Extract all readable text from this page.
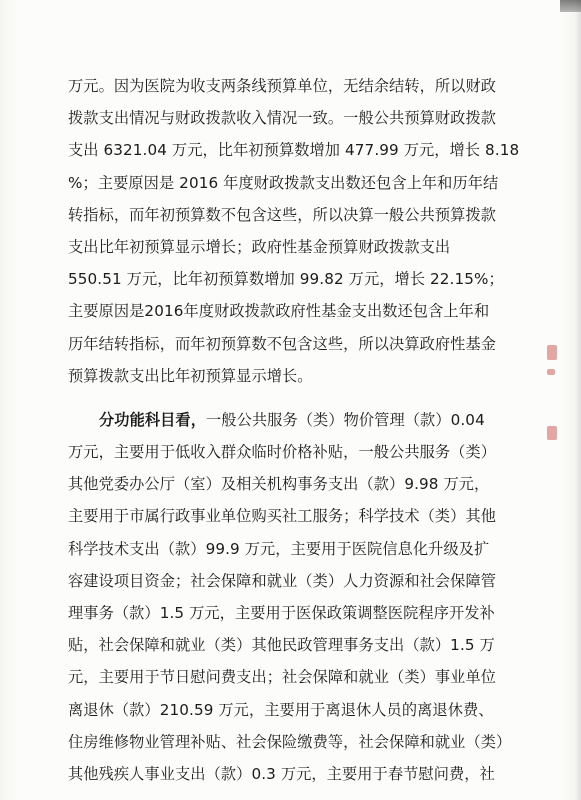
万元。因为医院为收支两条线预算单位，无结余结转，所以财政
拨款支出情况与财政拨款收入情况一致。一般公共预算财政拨款
支出 6321.04 万元，比年初预算数增加 477.99 万元，增长 8.18
%；主要原因是 2016 年度财政拨款支出数还包含上年和历年结
转指标，而年初预算数不包含这些，所以决算一般公共预算拨款
支出比年初预算显示增长；政府性基金预算财政拨款支出
550.51 万元，比年初预算数增加 99.82 万元，增长 22.15%；
主要原因是2016年度财政拨款政府性基金支出数还包含上年和
历年结转指标，而年初预算数不包含这些，所以决算政府性基金
预算拨款支出比年初预算显示增长。
分功能科目看，一般公共服务（类）物价管理（款）0.04
万元，主要用于低收入群众临时价格补贴，一般公共服务（类）
其他党委办公厅（室）及相关机构事务支出（款）9.98 万元，
主要用于市属行政事业单位购买社工服务；科学技术（类）其他
科学技术支出（款）99.9 万元，主要用于医院信息化升级及扩
容建设项目资金；社会保障和就业（类）人力资源和社会保障管
理事务（款）1.5 万元，主要用于医保政策调整医院程序开发补
贴，社会保障和就业（类）其他民政管理事务支出（款）1.5 万
元，主要用于节日慰问费支出；社会保障和就业（类）事业单位
离退休（款）210.59 万元，主要用于离退休人员的离退休费、
住房维修物业管理补贴、社会保险缴费等，社会保障和就业（类）
其他残疾人事业支出（款）0.3 万元，主要用于春节慰问费，社
